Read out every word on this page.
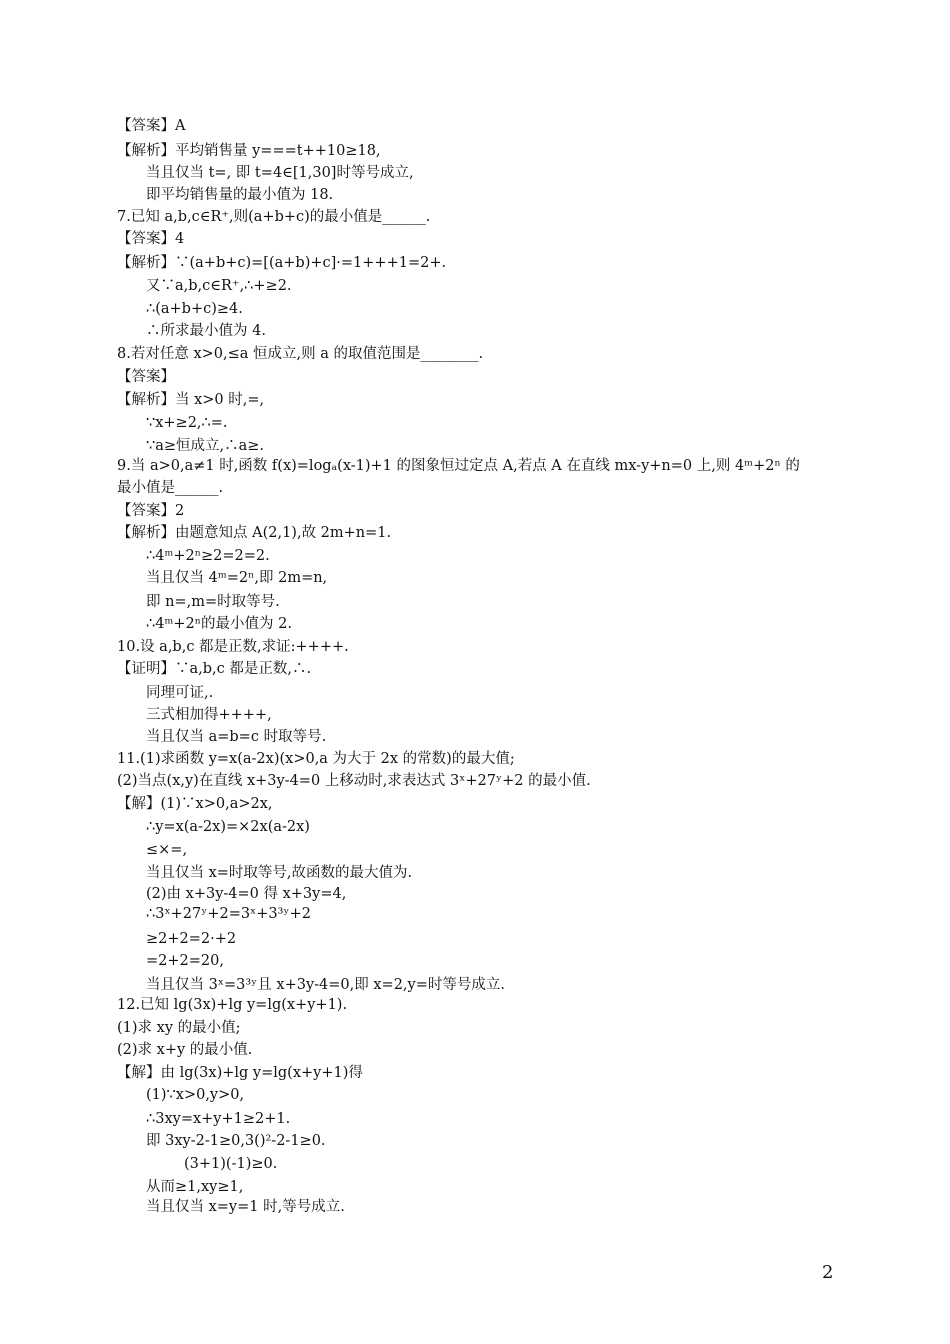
【答案】A
【解析】平均销售量 y===t++10≥18,
当且仅当 t=, 即 t=4∈[1,30]时等号成立,
即平均销售量的最小值为 18.
7.已知 a,b,c∈R⁺,则(a+b+c)的最小值是______.
【答案】4
【解析】∵(a+b+c)=[(a+b)+c]·=1+++1=2+.
又∵a,b,c∈R⁺,∴+≥2.
∴(a+b+c)≥4.
∴所求最小值为 4.
8.若对任意 x>0,≤a 恒成立,则 a 的取值范围是________.
【答案】
【解析】当 x>0 时,=,
∵x+≥2,∴=.
∵a≥恒成立,∴a≥.
9.当 a>0,a≠1 时,函数 f(x)=logₐ(x-1)+1 的图象恒过定点 A,若点 A 在直线 mx-y+n=0 上,则 4ᵐ+2ⁿ 的
最小值是______.
【答案】2
【解析】由题意知点 A(2,1),故 2m+n=1.
∴4ᵐ+2ⁿ≥2=2=2.
当且仅当 4ᵐ=2ⁿ,即 2m=n,
即 n=,m=时取等号.
∴4ᵐ+2ⁿ的最小值为 2.
10.设 a,b,c 都是正数,求证:++++.
【证明】∵a,b,c 都是正数,∴.
同理可证,.
三式相加得++++,
当且仅当 a=b=c 时取等号.
11.(1)求函数 y=x(a-2x)(x>0,a 为大于 2x 的常数)的最大值;
(2)当点(x,y)在直线 x+3y-4=0 上移动时,求表达式 3ˣ+27ʸ+2 的最小值.
【解】(1)∵x>0,a>2x,
∴y=x(a-2x)=×2x(a-2x)
≤×=,
当且仅当 x=时取等号,故函数的最大值为.
(2)由 x+3y-4=0 得 x+3y=4,
∴3ˣ+27ʸ+2=3ˣ+3³ʸ+2
≥2+2=2·+2
=2+2=20,
当且仅当 3ˣ=3³ʸ且 x+3y-4=0,即 x=2,y=时等号成立.
12.已知 lg(3x)+lg y=lg(x+y+1).
(1)求 xy 的最小值;
(2)求 x+y 的最小值.
【解】由 lg(3x)+lg y=lg(x+y+1)得
(1)∵x>0,y>0,
∴3xy=x+y+1≥2+1.
即 3xy-2-1≥0,3()²-2-1≥0.
(3+1)(-1)≥0.
从而≥1,xy≥1,
当且仅当 x=y=1 时,等号成立.
2
